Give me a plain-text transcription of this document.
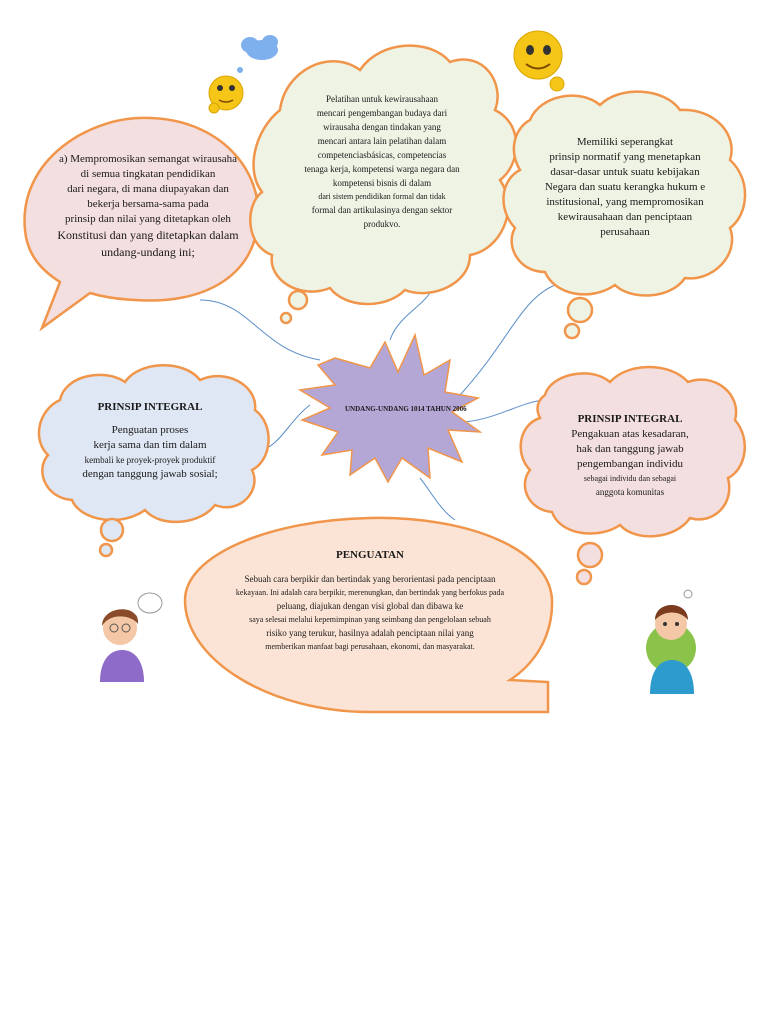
UNDANG-UNDANG 1014 TAHUN 2006
a) Mempromosikan semangat wirausaha
di semua tingkatan pendidikan
dari negara, di mana diupayakan dan
bekerja bersama-sama pada
prinsip dan nilai yang ditetapkan oleh
Konstitusi dan yang ditetapkan dalam
undang-undang ini;
Pelatihan untuk kewirausahaan
mencari pengembangan budaya dari
wirausaha dengan tindakan yang
mencari antara lain pelatihan dalam
competenciasbásicas, competencias
tenaga kerja, kompetensi warga negara dan
kompetensi bisnis di dalam
dari sistem pendidikan formal dan tidak
formal dan artikulasinya dengan sektor
produkvo.
Memiliki seperangkat
prinsip normatif yang menetapkan
dasar-dasar untuk suatu kebijakan
Negara dan suatu kerangka hukum e
institusional, yang mempromosikan
kewirausahaan dan penciptaan
perusahaan
PRINSIP INTEGRAL
Penguatan proses
kerja sama dan tim dalam
kembali ke proyek-proyek produktif
dengan tanggung jawab sosial;
PRINSIP INTEGRAL
Pengakuan atas kesadaran,
hak dan tanggung jawab
pengembangan individu
sebagai individu dan sebagai
anggota komunitas
PENGUATAN
Sebuah cara berpikir dan bertindak yang berorientasi pada penciptaan
kekayaan. Ini adalah cara berpikir, merenungkan, dan bertindak yang berfokus pada
peluang, diajukan dengan visi global dan dibawa ke
saya selesai melalui kepemimpinan yang seimbang dan pengelolaan sebuah
risiko yang terukur, hasilnya adalah penciptaan nilai yang
memberikan manfaat bagi perusahaan, ekonomi, dan masyarakat.
